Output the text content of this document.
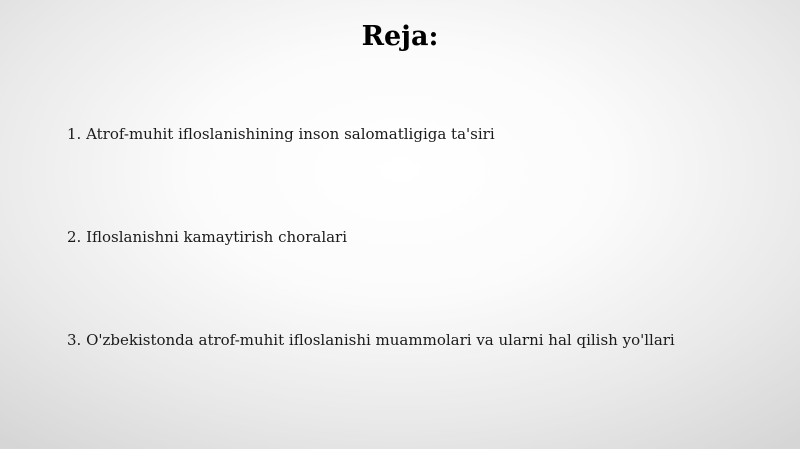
Reja:
1. Atrof-muhit ifloslanishining inson salomatligiga ta'siri
2. Ifloslanishni kamaytirish choralari
3. O'zbekistonda atrof-muhit ifloslanishi muammolari va ularni hal qilish yo'llari
